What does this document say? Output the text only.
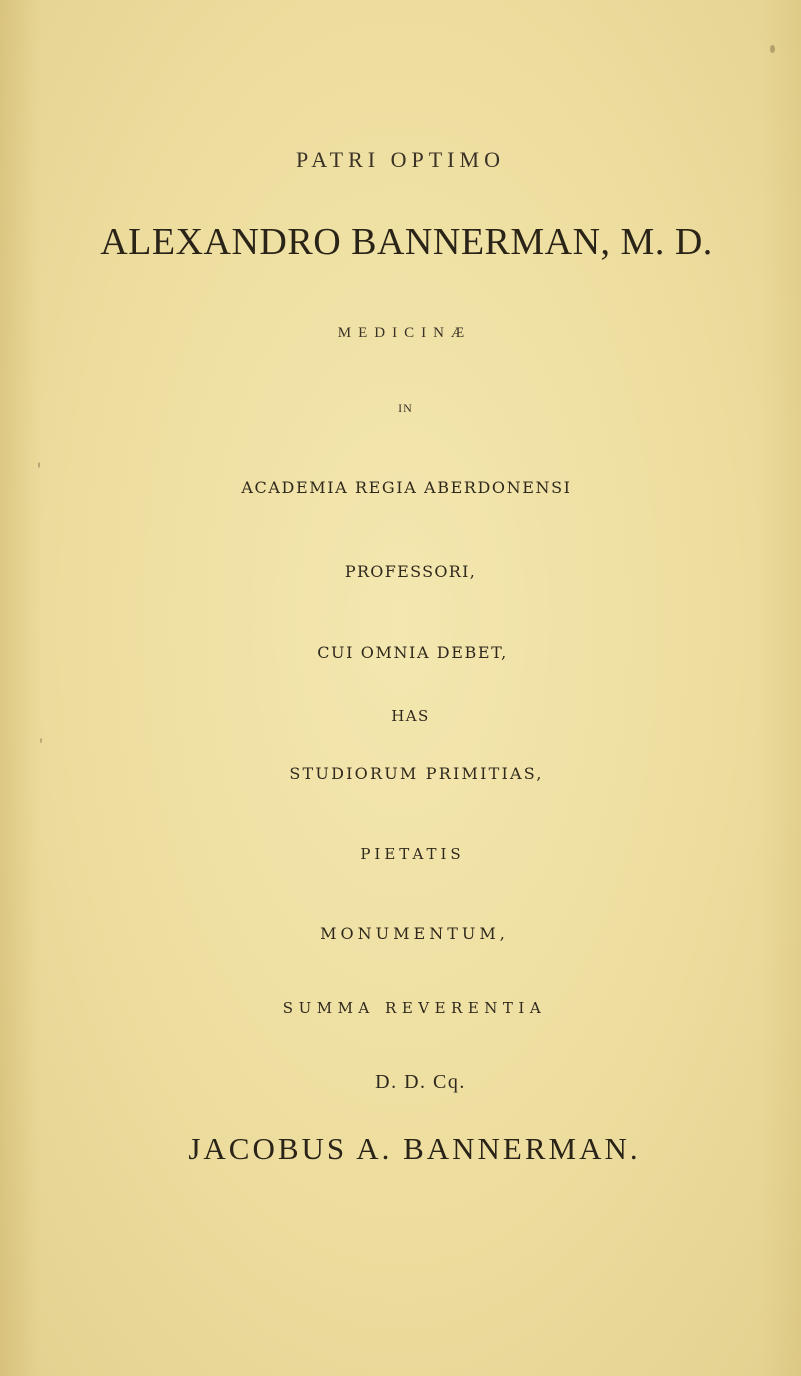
PATRI OPTIMO

ALEXANDRO BANNERMAN, M. D.

MEDICINÆ

IN

ACADEMIA REGIA ABERDONENSI

PROFESSORI,

CUI OMNIA DEBET,

HAS

STUDIORUM PRIMITIAS,

PIETATIS

MONUMENTUM,

SUMMA REVERENTIA

D. D. Cq.

JACOBUS A. BANNERMAN.
